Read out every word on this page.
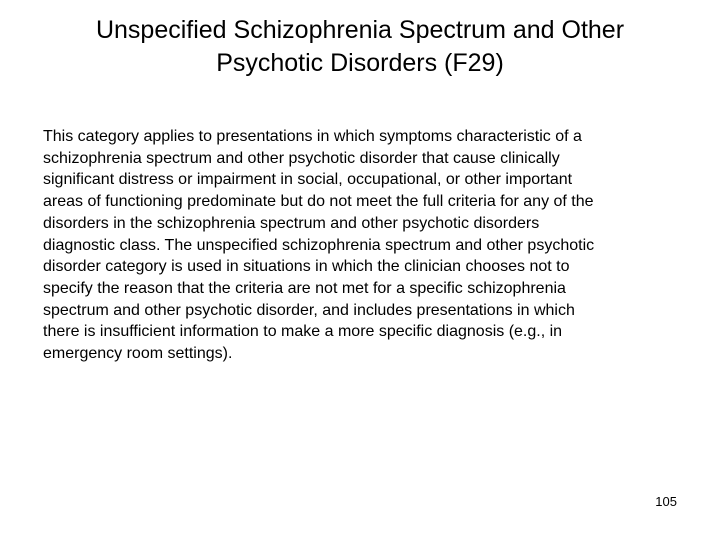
Unspecified Schizophrenia Spectrum and Other
Psychotic Disorders (F29)
This category applies to presentations in which symptoms characteristic of a
schizophrenia spectrum and other psychotic disorder that cause clinically
significant distress or impairment in social, occupational, or other important
areas of functioning predominate but do not meet the full criteria for any of the
disorders in the schizophrenia spectrum and other psychotic disorders
diagnostic class. The unspecified schizophrenia spectrum and other psychotic
disorder category is used in situations in which the clinician chooses not to
specify the reason that the criteria are not met for a specific schizophrenia
spectrum and other psychotic disorder, and includes presentations in which
there is insufficient information to make a more specific diagnosis (e.g., in
emergency room settings).
105
